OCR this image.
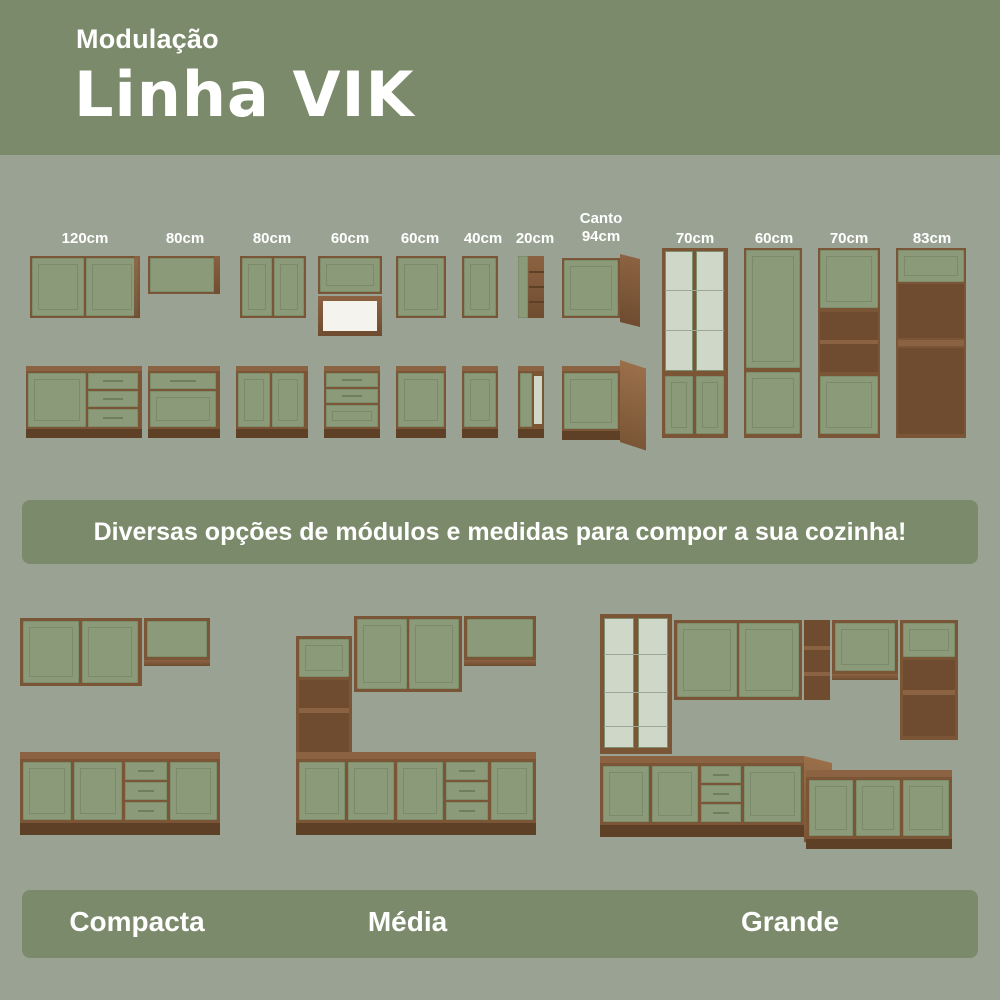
Modulação
Linha VIK
120cm	80cm	80cm	60cm	60cm	40cm 20cm
Canto
94cm	70cm	60cm	70cm	83cm
Diversas opções de módulos e medidas para compor a sua cozinha!
Compacta	Média	Grande
